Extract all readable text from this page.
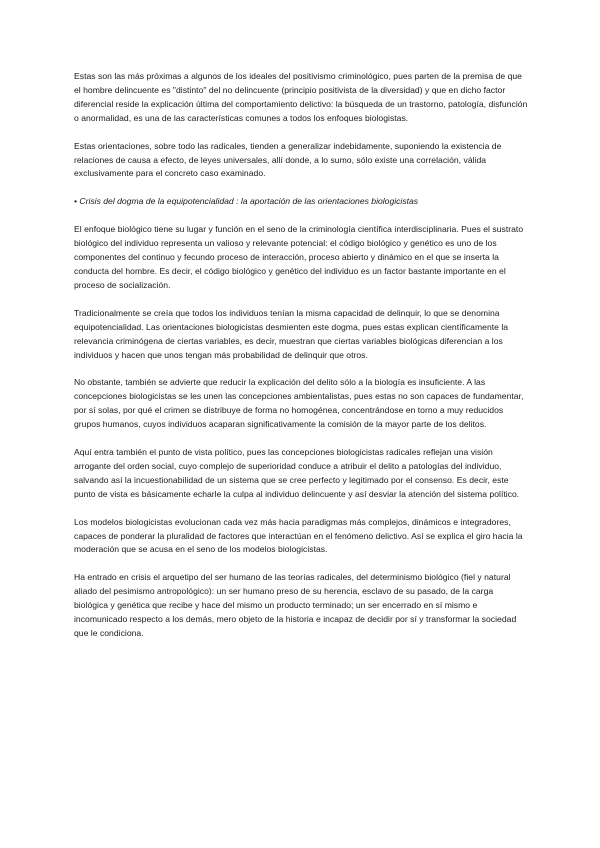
Estas son las más próximas a algunos de los ideales del positivismo criminológico, pues parten de la premisa de que el hombre delincuente es "distinto" del no delincuente (principio positivista de la diversidad) y que en dicho factor diferencial reside la explicación última del comportamiento delictivo: la búsqueda de un trastorno, patología, disfunción o anormalidad, es una de las características comunes a todos los enfoques biologistas.

Estas orientaciones, sobre todo las radicales, tienden a generalizar indebidamente, suponiendo la existencia de relaciones de causa a efecto, de leyes universales, allí donde, a lo sumo, sólo existe una correlación, válida exclusivamente para el concreto caso examinado.

• Crisis del dogma de la equipotencialidad : la aportación de las orientaciones biologicistas

El enfoque biológico tiene su lugar y función en el seno de la criminología científica interdisciplinaria. Pues el sustrato biológico del individuo representa un valioso y relevante potencial: el código biológico y genético es uno de los componentes del continuo y fecundo proceso de interacción, proceso abierto y dinámico en el que se inserta la conducta del hombre. Es decir, el código biológico y genético del individuo es un factor bastante importante en el proceso de socialización.

Tradicionalmente se creía que todos los individuos tenían la misma capacidad de delinquir, lo que se denomina equipotencialidad. Las orientaciones biologicistas desmienten este dogma, pues estas explican científicamente la relevancia criminógena de ciertas variables, es decir, muestran que ciertas variables biológicas diferencian a los individuos y hacen que unos tengan más probabilidad de delinquir que otros.

No obstante, también se advierte que reducir la explicación del delito sólo a la biología es insuficiente. A las concepciones biologicistas se les unen las concepciones ambientalistas, pues estas no son capaces de fundamentar, por sí solas, por qué el crimen se distribuye de forma no homogénea, concentrándose en torno a muy reducidos grupos humanos, cuyos individuos acaparan significativamente la comisión de la mayor parte de los delitos.

Aquí entra también el punto de vista político, pues las concepciones biologicistas radicales reflejan una visión arrogante del orden social, cuyo complejo de superioridad conduce a atribuir el delito a patologías del individuo, salvando así la incuestionabilidad de un sistema que se cree perfecto y legitimado por el consenso. Es decir, este punto de vista es básicamente echarle la culpa al individuo delincuente y así desviar la atención del sistema político.

Los modelos biologicistas evolucionan cada vez más hacia paradigmas más complejos, dinámicos e integradores, capaces de ponderar la pluralidad de factores que interactúan en el fenómeno delictivo. Así se explica el giro hacia la moderación que se acusa en el seno de los modelos biologicistas.

Ha entrado en crisis el arquetipo del ser humano de las teorías radicales, del determinismo biológico (fiel y natural aliado del pesimismo antropológico): un ser humano preso de su herencia, esclavo de su pasado, de la carga biológica y genética que recibe y hace del mismo un producto terminado; un ser encerrado en sí mismo e incomunicado respecto a los demás, mero objeto de la historia e incapaz de decidir por sí y transformar la sociedad que le condiciona.
